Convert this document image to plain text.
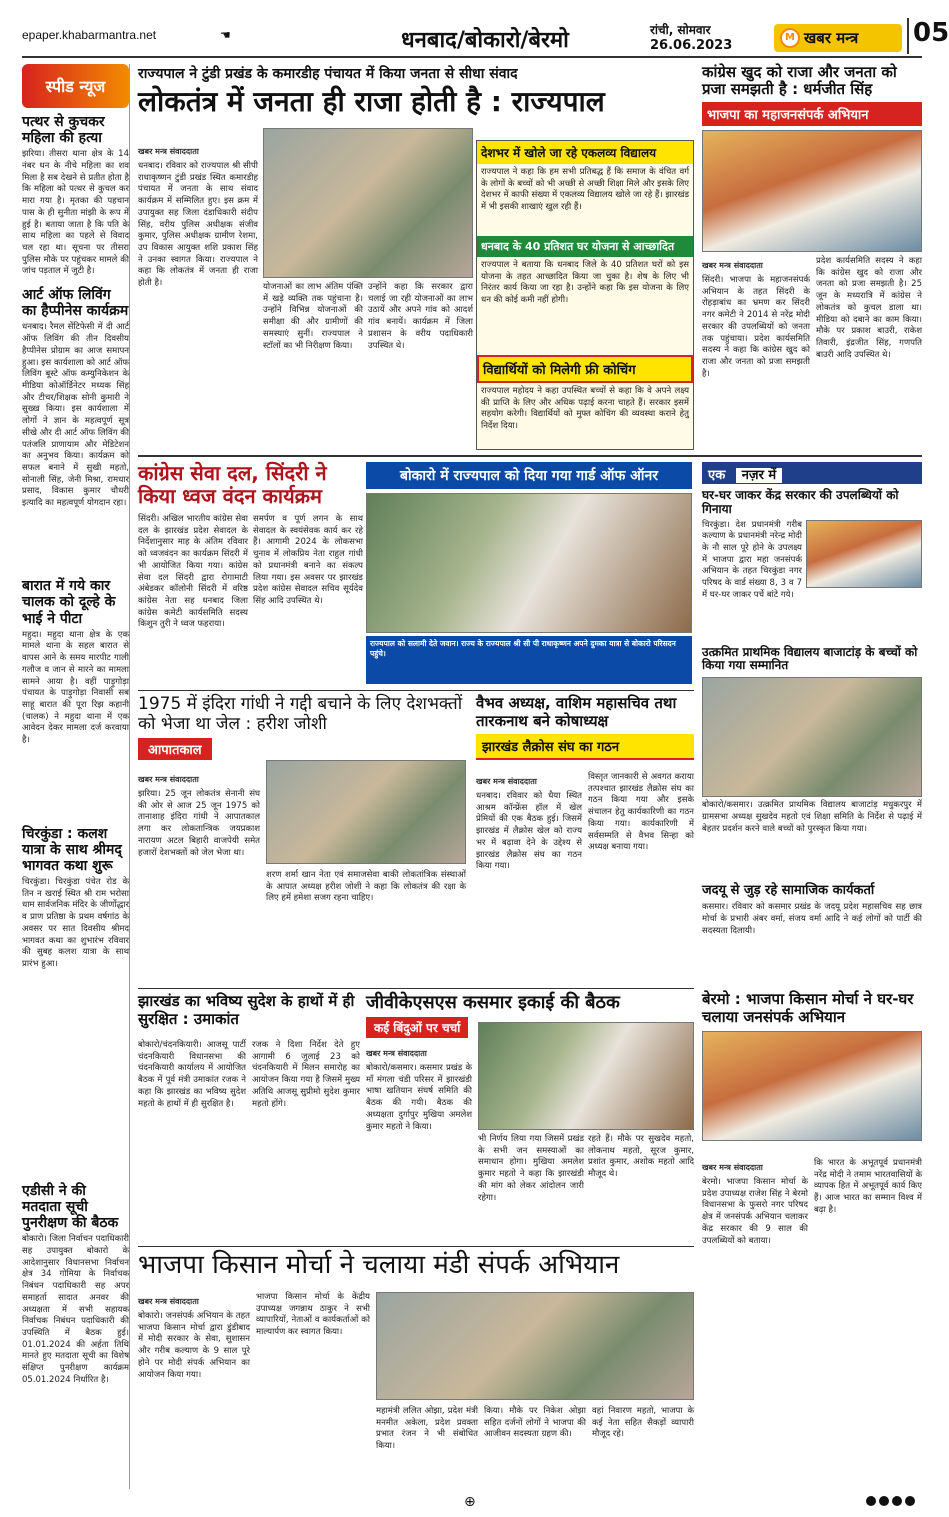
epaper.khabarmantra.net	☚	धनबाद/बोकारो/बेरमो	रांची, सोमवार
26.06.2023
M खबर मन्त्र	05
स्पीड न्यूज
पत्थर से कुचकर महिला की हत्या
झरिया। तीसरा थाना क्षेत्र के 14 नंबर धन के नीचे महिला का शव मिला है सब देखने से प्रतीत होता है कि महिला को पत्थर से कुचल कर मारा गया है। मृतका की पहचान पास के ही सुनीता मांझी के रूप में हुई है। बताया जाता है कि पति के साथ महिला का पहले से विवाद चल रहा था। सूचना पर तीसरा पुलिस मौके पर पहुंचकर मामले की जांच पड़ताल में जुटी है।
आर्ट ऑफ लिविंग का हैप्पीनेस कार्यक्रम
धनबाद। रैमल सेंटिफेसी में दी आर्ट ऑफ लिविंग की तीन दिवसीय हैप्पीनेस प्रोग्राम का आज समापन हुआ। इस कार्यशाला को आर्ट ऑफ लिविंग बूस्टे ऑफ कम्युनिकेशन के मीडिया कोऑर्डिनेटर मध्यक सिंह और टीचर/शिक्षक सोनी कुमारी ने सुख्ख किया। इस कार्यशाला में लोगों ने ज्ञान के महत्वपूर्ण सूत्र सीखे और दी आर्ट ऑफ लिविंग की पतंजलि प्राणायाम और मेडिटेशन का अनुभव किया। कार्यक्रम को सफल बनाने में सुखी महतो, सोनाली सिंह, जेनी मिश्रा, रामधार प्रसाद, विकास कुमार चौधरी इत्यादि का महत्वपूर्ण योगदान रहा।
बारात में गये कार चालक को दूल्हे के भाई ने पीटा
महुदा। महुदा थाना क्षेत्र के एक मामले थाना के सहल बारात से वापस आने के समय मारपीट गाली गलौज व जान से मारने का मामला सामने आया है। वहीं पाड़ुगोड़ा पंचायत के पाड़ुगोड़ा निवासी सब साहू बारात की पूरा रिझ कहानी (चालक) ने महुदा थाना में एक आवेदन देकर मामला दर्ज करवाया है।
चिरकुंडा : कलश यात्रा के साथ श्रीमद् भागवत कथा शुरू
चिरकुंडा। चिरकुंडा पंचेत रोड के तिन न खराई स्थित श्री राम भरोसा धाम सार्वजनिक मंदिर के जीर्णोद्धार व प्राण प्रतिष्ठा के प्रथम वर्षगांठ के अवसर पर सात दिवसीय श्रीमद भागवत कथा का शुभारंभ रविवार की सुबह कलश यात्रा के साथ प्रारंभ हुआ।
एडीसी ने की मतदाता सूची पुनरीक्षण की बैठक
बोकारो। जिला निर्वाचन पदाधिकारी सह उपायुक्त बोकारो के आदेशानुसार विधानसभा निर्वाचन क्षेत्र 34 गोमिया के निर्वाचक निबंधन पदाधिकारी सह अपर समाहर्ता सादात अनवर की अध्यक्षता में सभी सहायक निर्वाचक निबंधन पदाधिकारी की उपस्थिति में बैठक हुई। 01.01.2024 की अर्हता तिथि मानते हुए मतदाता सूची का विशेष संक्षिप्त पुनरीक्षण कार्यक्रम 05.01.2024 निर्धारित है।
राज्यपाल ने टुंडी प्रखंड के कमारडीह पंचायत में किया जनता से सीधा संवाद
लोकतंत्र में जनता ही राजा होती है : राज्यपाल
खबर मन्त्र संवाददाता
धनबाद। रविवार को राज्यपाल श्री सीपी राधाकृष्णन टुंडी प्रखंड स्थित कमारडीह पंचायत में जनता के साथ संवाद कार्यक्रम में सम्मिलित हुए। इस क्रम में उपायुक्त सह जिला दंडाधिकारी संदीप सिंह, वरीय पुलिस अधीक्षक संजीव कुमार, पुलिस अधीक्षक ग्रामीण रेशमा, उप विकास आयुक्त शशि प्रकाश सिंह ने उनका स्वागत किया। राज्यपाल ने कहा कि लोकतंत्र में जनता ही राजा होती है।	योजनाओं का लाभ अंतिम पंक्ति में खड़े व्यक्ति तक पहुंचाना है। उन्होंने विभिन्न योजनाओं की समीक्षा की और ग्रामीणों की समस्याएं सुनीं। राज्यपाल ने स्टॉलों का भी निरीक्षण किया।
उन्होंने कहा कि सरकार द्वारा चलाई जा रही योजनाओं का लाभ उठायें और अपने गांव को आदर्श गांव बनायें। कार्यक्रम में जिला प्रशासन के वरीय पदाधिकारी उपस्थित थे।
देशभर में खोले जा रहे एकलव्य विद्यालय
राज्यपाल ने कहा कि हम सभी प्रतिबद्ध हैं कि समाज के वंचित वर्ग के लोगों के बच्चों को भी अच्छी से अच्छी शिक्षा मिले और इसके लिए देशभर में काफी संख्या में एकलव्य विद्यालय खोले जा रहे हैं। झारखंड में भी इसकी शाखाएं खुल रही हैं।
धनबाद के 40 प्रतिशत घर योजना से आच्छादित
राज्यपाल ने बताया कि धनबाद जिले के 40 प्रतिशत घरों को इस योजना के तहत आच्छादित किया जा चुका है। शेष के लिए भी निरंतर कार्य किया जा रहा है। उन्होंने कहा कि इस योजना के लिए धन की कोई कमी नहीं होगी।
विद्यार्थियों को मिलेगी फ्री कोचिंग
राज्यपाल महोदय ने कहा उपस्थित बच्चों से कहा कि वे अपने लक्ष्य की प्राप्ति के लिए और अधिक पढ़ाई करना चाहते हैं। सरकार इसमें सहयोग करेगी। विद्यार्थियों को मुफ्त कोचिंग की व्यवस्था कराने हेतु निर्देश दिया।
कांग्रेस खुद को राजा और जनता को प्रजा समझती है : धर्मजीत सिंह
भाजपा का महाजनसंपर्क अभियान
खबर मन्त्र संवाददाता
सिंदरी। भाजपा के महाजनसंपर्क अभियान के तहत सिंदरी के रोहड़ाबांध का भ्रमण कर सिंदरी नगर कमेटी ने 2014 से नरेंद्र मोदी सरकार की उपलब्धियों को जनता तक पहुंचाया। प्रदेश कार्यसमिति सदस्य ने कहा कि कांग्रेस खुद को राजा और जनता को प्रजा समझती है।
प्रदेश कार्यसमिति सदस्य ने कहा कि कांग्रेस खुद को राजा और जनता को प्रजा समझती है। 25 जून के मध्यरात्रि में कांग्रेस ने लोकतंत्र को कुचल डाला था। मीडिया को दबाने का काम किया। मौके पर प्रकाश बाउरी, राकेश तिवारी, इंद्रजीत सिंह, गणपति बाउरी आदि उपस्थित थे।
कांग्रेस सेवा दल, सिंदरी ने किया ध्वज वंदन कार्यक्रम
सिंदरी। अखिल भारतीय कांग्रेस सेवा दल के झारखंड प्रदेश सेवादल के निर्देशानुसार माह के अंतिम रविवार को ध्वजवंदन का कार्यक्रम सिंदरी में भी आयोजित किया गया। कांग्रेस सेवा दल सिंदरी द्वारा रोगामाटी अंबेडकर कॉलोनी सिंदरी में वरिष्ठ कांग्रेस नेता सह धनबाद जिला कांग्रेस कमेटी कार्यसमिति सदस्य किशुन तुरी ने ध्वज फहराया।
समर्पण व पूर्ण लगन के साथ सेवादल के स्वयंसेवक कार्य कर रहे हैं। आगामी 2024 के लोकसभा चुनाव में लोकप्रिय नेता राहुल गांधी को प्रधानमंत्री बनाने का संकल्प लिया गया। इस अवसर पर झारखंड प्रदेश कांग्रेस सेवादल सचिव सूर्यदेव सिंह आदि उपस्थित थे।
बोकारो में राज्यपाल को दिया गया गार्ड ऑफ ऑनर
राज्यपाल को सलामी देते जवान। राज्य के राज्यपाल श्री सी पी राधाकृष्णन अपने दुमका यात्रा से बोकारो परिसदन पहुंचे।
एक नज़र में
घर-घर जाकर केंद्र सरकार की उपलब्धियों को गिनाया
चिरकुंडा। देश प्रधानमंत्री गरीब कल्याण के प्रधानमंत्री नरेन्द्र मोदी के नौ साल पूरे होने के उपलक्ष्य में भाजपा द्वारा महा जनसंपर्क अभियान के तहत चिरकुंडा नगर परिषद के वार्ड संख्या 8, 3 व 7 में घर-घर जाकर पर्चे बांटे गये।
उत्क्रमित प्राथमिक विद्यालय बाजाटांड़ के बच्चों को किया गया सम्मानित
बोकारो/कसमार। उत्क्रमित प्राथमिक विद्यालय बाजाटांड़ मधुकरपुर में ग्रामसभा अध्यक्ष सुखदेव महतो एवं शिक्षा समिति के निर्देश से पढ़ाई में बेहतर प्रदर्शन करने वाले बच्चों को पुरस्कृत किया गया।
जदयू से जुड़ रहे सामाजिक कार्यकर्ता
कसमार। रविवार को कसमार प्रखंड के जदयू प्रदेश महासचिव सह छात्र मोर्चा के प्रभारी अंबर वर्मा, संजय वर्मा आदि ने कई लोगों को पार्टी की सदस्यता दिलायी।
1975 में इंदिरा गांधी ने गद्दी बचाने के लिए देशभक्तों को भेजा था जेल : हरीश जोशी
आपातकाल
खबर मन्त्र संवाददाता
झरिया। 25 जून लोकतंत्र सेनानी संघ की ओर से आज 25 जून 1975 को तानाशाह इंदिरा गांधी ने आपातकाल लगा कर लोकतान्त्रिक जयप्रकाश नारायण अटल बिहारी वाजपेयी समेत हजारों देशभक्तों को जेल भेजा था।
शरण शर्मा खान नेता एवं समाजसेवा बाकी लोकतांत्रिक संस्थाओं के आपात अध्यक्ष हरीश जोशी ने कहा कि लोकतंत्र की रक्षा के लिए हमें हमेशा सजग रहना चाहिए।
वैभव अध्यक्ष, वाशिम महासचिव तथा तारकनाथ बने कोषाध्यक्ष
झारखंड लैक्रोस संघ का गठन
खबर मन्त्र संवाददाता
धनबाद। रविवार को धैया स्थित आश्रम कॉन्फ्रेंस हॉल में खेल प्रेमियों की एक बैठक हुई। जिसमें झारखंड में लैक्रोस खेल को राज्य भर में बढ़ावा देने के उद्देश्य से झारखंड लैक्रोस संघ का गठन किया गया।
विस्तृत जानकारी से अवगत कराया तत्पश्चात झारखंड लैक्रोस संघ का गठन किया गया और इसके संचालन हेतु कार्यकारिणी का गठन किया गया। कार्यकारिणी में सर्वसम्मति से वैभव सिन्हा को अध्यक्ष बनाया गया।
झारखंड का भविष्य सुदेश के हाथों में ही सुरक्षित : उमाकांत
बोकारो/चंदनकियारी। आजसू पार्टी चंदनकियारी विधानसभा की चंदनकियारी कार्यालय में आयोजित बैठक में पूर्व मंत्री उमाकांत रजक ने कहा कि झारखंड का भविष्य सुदेश महतो के हाथों में ही सुरक्षित है।
रजक ने दिशा निर्देश देते हुए आगामी 6 जुलाई 23 को चंदनकियारी में मिलन समारोह का आयोजन किया गया है जिसमें मुख्य अतिथि आजसू सुप्रीमो सुदेश कुमार महतो होंगे।
जीवीकेएसएस कसमार इकाई की बैठक
कई बिंदुओं पर चर्चा
खबर मन्त्र संवाददाता
बोकारो/कसमार। कसमार प्रखंड के माँ मंगला चंडी परिसर में झारखंडी भाषा खतियान संघर्ष समिति की बैठक की गयी। बैठक की अध्यक्षता दुर्गापुर मुखिया अमलेश कुमार महतो ने किया।
भी निर्णय लिया गया जिसमें प्रखंड के सभी जन समस्याओं का समाधान होगा। मुखिया अमलेश कुमार महतो ने कहा कि झारखंडी की मांग को लेकर आंदोलन जारी रहेगा।
रहते हैं। मौके पर सुखदेव महतो, लोकनाथ महतो, सूरज कुमार, प्रशांत कुमार, अशोक महतो आदि मौजूद थे।
बेरमो : भाजपा किसान मोर्चा ने घर-घर चलाया जनसंपर्क अभियान
खबर मन्त्र संवाददाता
बेरमो। भाजपा किसान मोर्चा के प्रदेश उपाध्यक्ष राजेश सिंह ने बेरमो विधानसभा के फुसरो नगर परिषद क्षेत्र में जनसंपर्क अभियान चलाकर केंद्र सरकार की 9 साल की उपलब्धियों को बताया।
कि भारत के अभूतपूर्व प्रधानमंत्री नरेंद्र मोदी ने तमाम भारतवासियों के व्यापक हित में अभूतपूर्व कार्य किए हैं। आज भारत का सम्मान विश्व में बढ़ा है।
भाजपा किसान मोर्चा ने चलाया मंडी संपर्क अभियान
खबर मन्त्र संवाददाता
बोकारो। जनसंपर्क अभियान के तहत भाजपा किसान मोर्चा द्वारा डुंडीबाद में मोदी सरकार के सेवा, सुशासन और गरीब कल्याण के 9 साल पूरे होने पर मोदी संपर्क अभियान का आयोजन किया गया।
भाजपा किसान मोर्चा के केंद्रीय उपाध्यक्ष जगन्नाथ ठाकुर ने सभी व्यापारियों, नेताओं व कार्यकर्ताओं को माल्यार्पण कर स्वागत किया।
महामंत्री ललित ओझा, प्रदेश मंत्री मनमीत अकेला, प्रदेश प्रवक्ता प्रभात रंजन ने भी संबोधित किया।
किया। मौके पर निकेश ओझा सहित दर्जनों लोगों ने भाजपा की आजीवन सदस्यता ग्रहण की।
वहां निवारण महतो, भाजपा के कई नेता सहित सैकड़ों व्यापारी मौजूद रहे।
⊕
